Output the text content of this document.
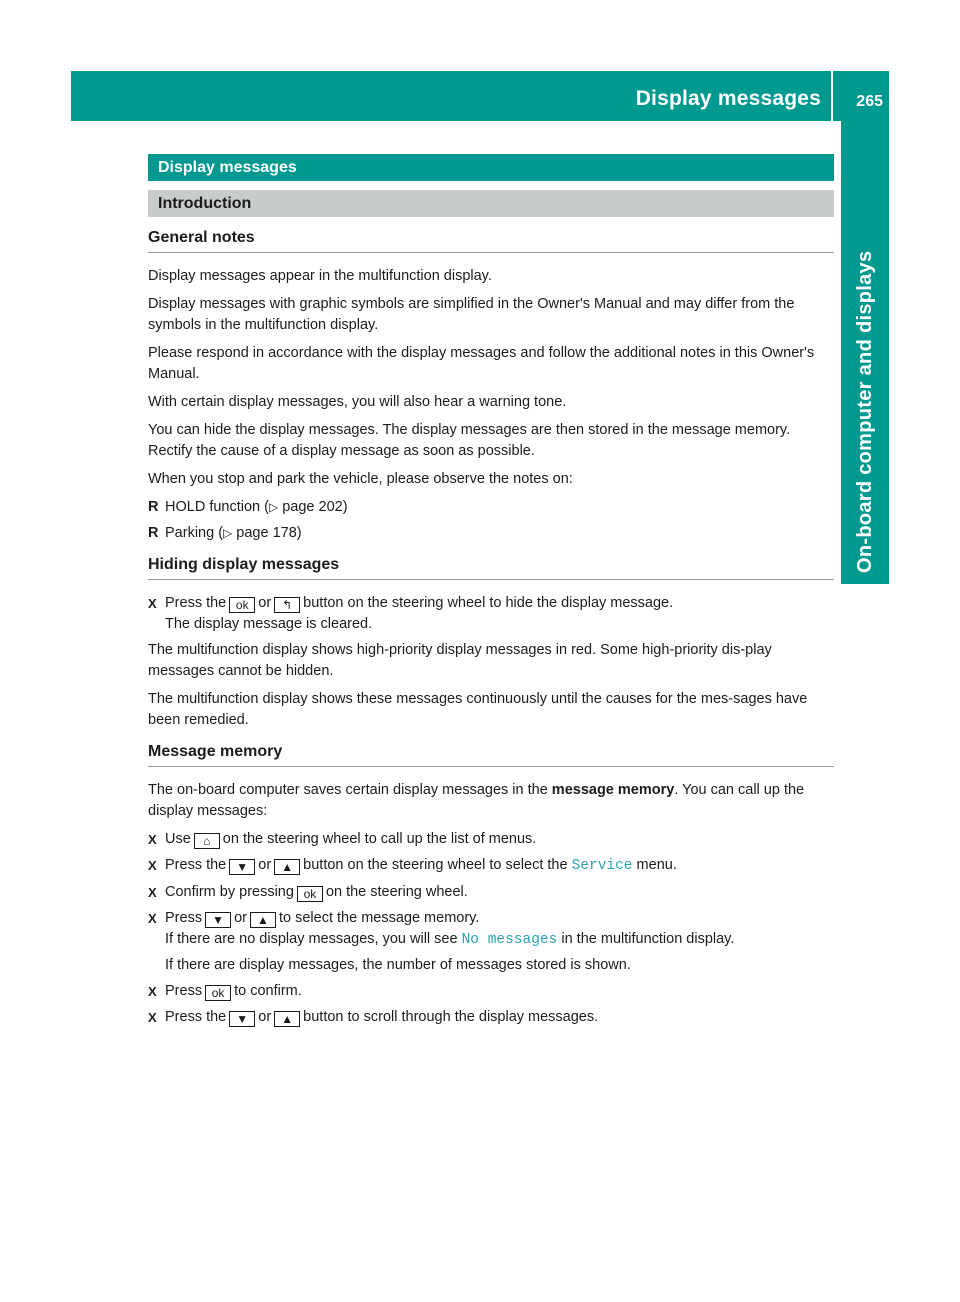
Display messages 265
On-board computer and displays
Display messages
Introduction
General notes

Display messages appear in the multifunction display.

Display messages with graphic symbols are simplified in the Owner's Manual and may differ from the symbols in the multifunction display.

Please respond in accordance with the display messages and follow the additional notes in this Owner's Manual.

With certain display messages, you will also hear a warning tone.

You can hide the display messages. The display messages are then stored in the message memory. Rectify the cause of a display message as soon as possible.

When you stop and park the vehicle, please observe the notes on:

R HOLD function (▷ page 202)
R Parking (▷ page 178)
Hiding display messages
X Press the ok or ↰ button on the steering wheel to hide the display message.
The display message is cleared.

The multifunction display shows high-priority display messages in red. Some high-priority dis-play messages cannot be hidden.

The multifunction display shows these messages continuously until the causes for the mes-sages have been remedied.

Message memory

The on-board computer saves certain display messages in the message memory. You can call up the display messages:

X Use ⌂ on the steering wheel to call up the list of menus.
X Press the ▼ or ▲ button on the steering wheel to select the Service menu.
X Confirm by pressing ok on the steering wheel.
X Press ▼ or ▲ to select the message memory.
If there are no display messages, you will see No messages in the multifunction display.
If there are display messages, the number of messages stored is shown.
X Press ok to confirm.
X Press the ▼ or ▲ button to scroll through the display messages.
